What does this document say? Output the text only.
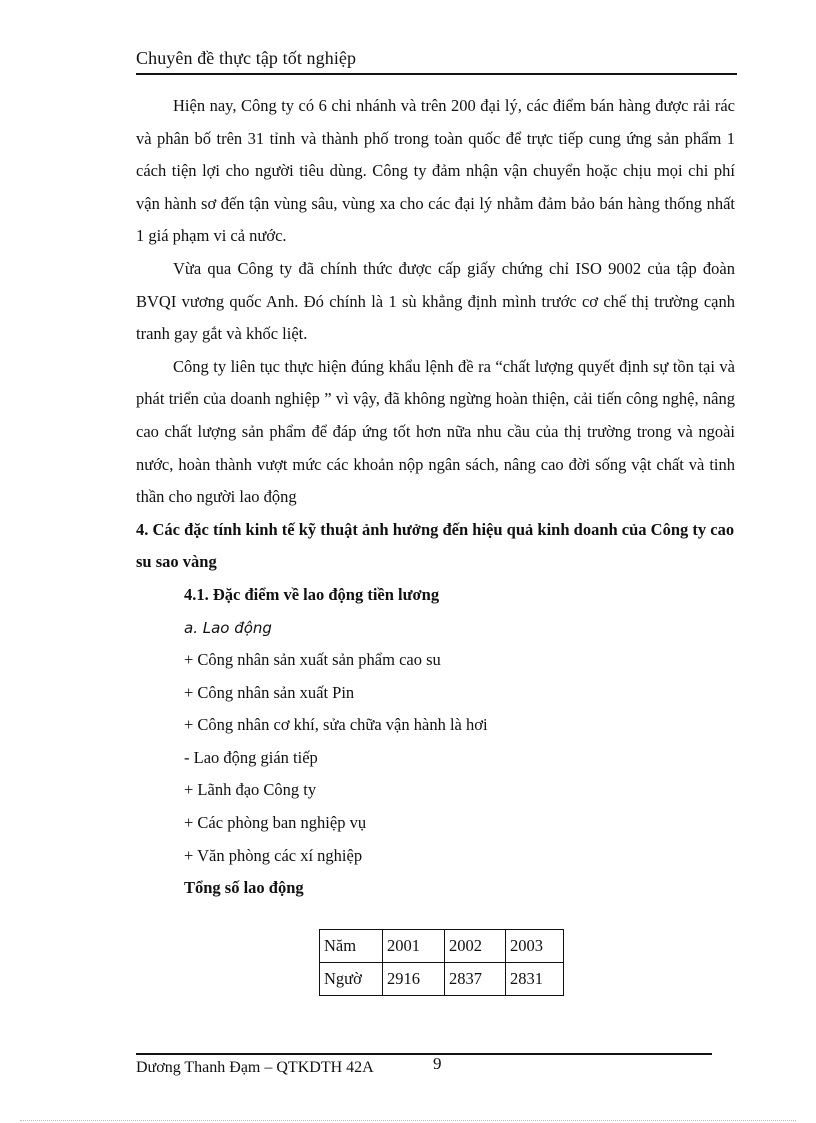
Chuyên đề thực tập tốt nghiệp

Hiện nay, Công ty có 6 chi nhánh và trên 200 đại lý, các điểm bán hàng được rải rác và phân bố trên 31 tỉnh và thành phố trong toàn quốc để trực tiếp cung ứng sản phẩm 1 cách tiện lợi cho người tiêu dùng. Công ty đảm nhận vận chuyển hoặc chịu mọi chi phí vận hành sơ đến tận vùng sâu, vùng xa cho các đại lý nhằm đảm bảo bán hàng thống nhất 1 giá phạm vi cả nước.

Vừa qua Công ty đã chính thức được cấp giấy chứng chỉ ISO 9002 của tập đoàn BVQI vương quốc Anh. Đó chính là 1 sù khẳng định mình trước cơ chế thị trường cạnh tranh gay gắt và khốc liệt.

Công ty liên tục thực hiện đúng khẩu lệnh đề ra “chất lượng quyết định sự tồn tại và phát triển của doanh nghiệp ” vì vậy, đã không ngừng hoàn thiện, cải tiến công nghệ, nâng cao chất lượng sản phẩm để đáp ứng tốt hơn nữa nhu cầu của thị trường trong và ngoài nước, hoàn thành vượt mức các khoản nộp ngân sách, nâng cao đời sống vật chất và tinh thần cho người lao động

4. Các đặc tính kinh tế kỹ thuật ảnh hưởng đến hiệu quả kinh doanh của Công ty cao su sao vàng

4.1. Đặc điểm về lao động tiền lương

a. Lao động

+ Công nhân sản xuất sản phẩm cao su

+ Công nhân sản xuất Pin

+ Công nhân cơ khí, sửa chữa vận hành là hơi

- Lao động gián tiếp

+ Lãnh đạo Công ty

+ Các phòng ban nghiệp vụ

+ Văn phòng các xí nghiệp

Tổng số lao động

Năm	2001	2002	2003
Ngườ	2916	2837	2831
Dương Thanh Đạm – QTKDTH 42A	9
